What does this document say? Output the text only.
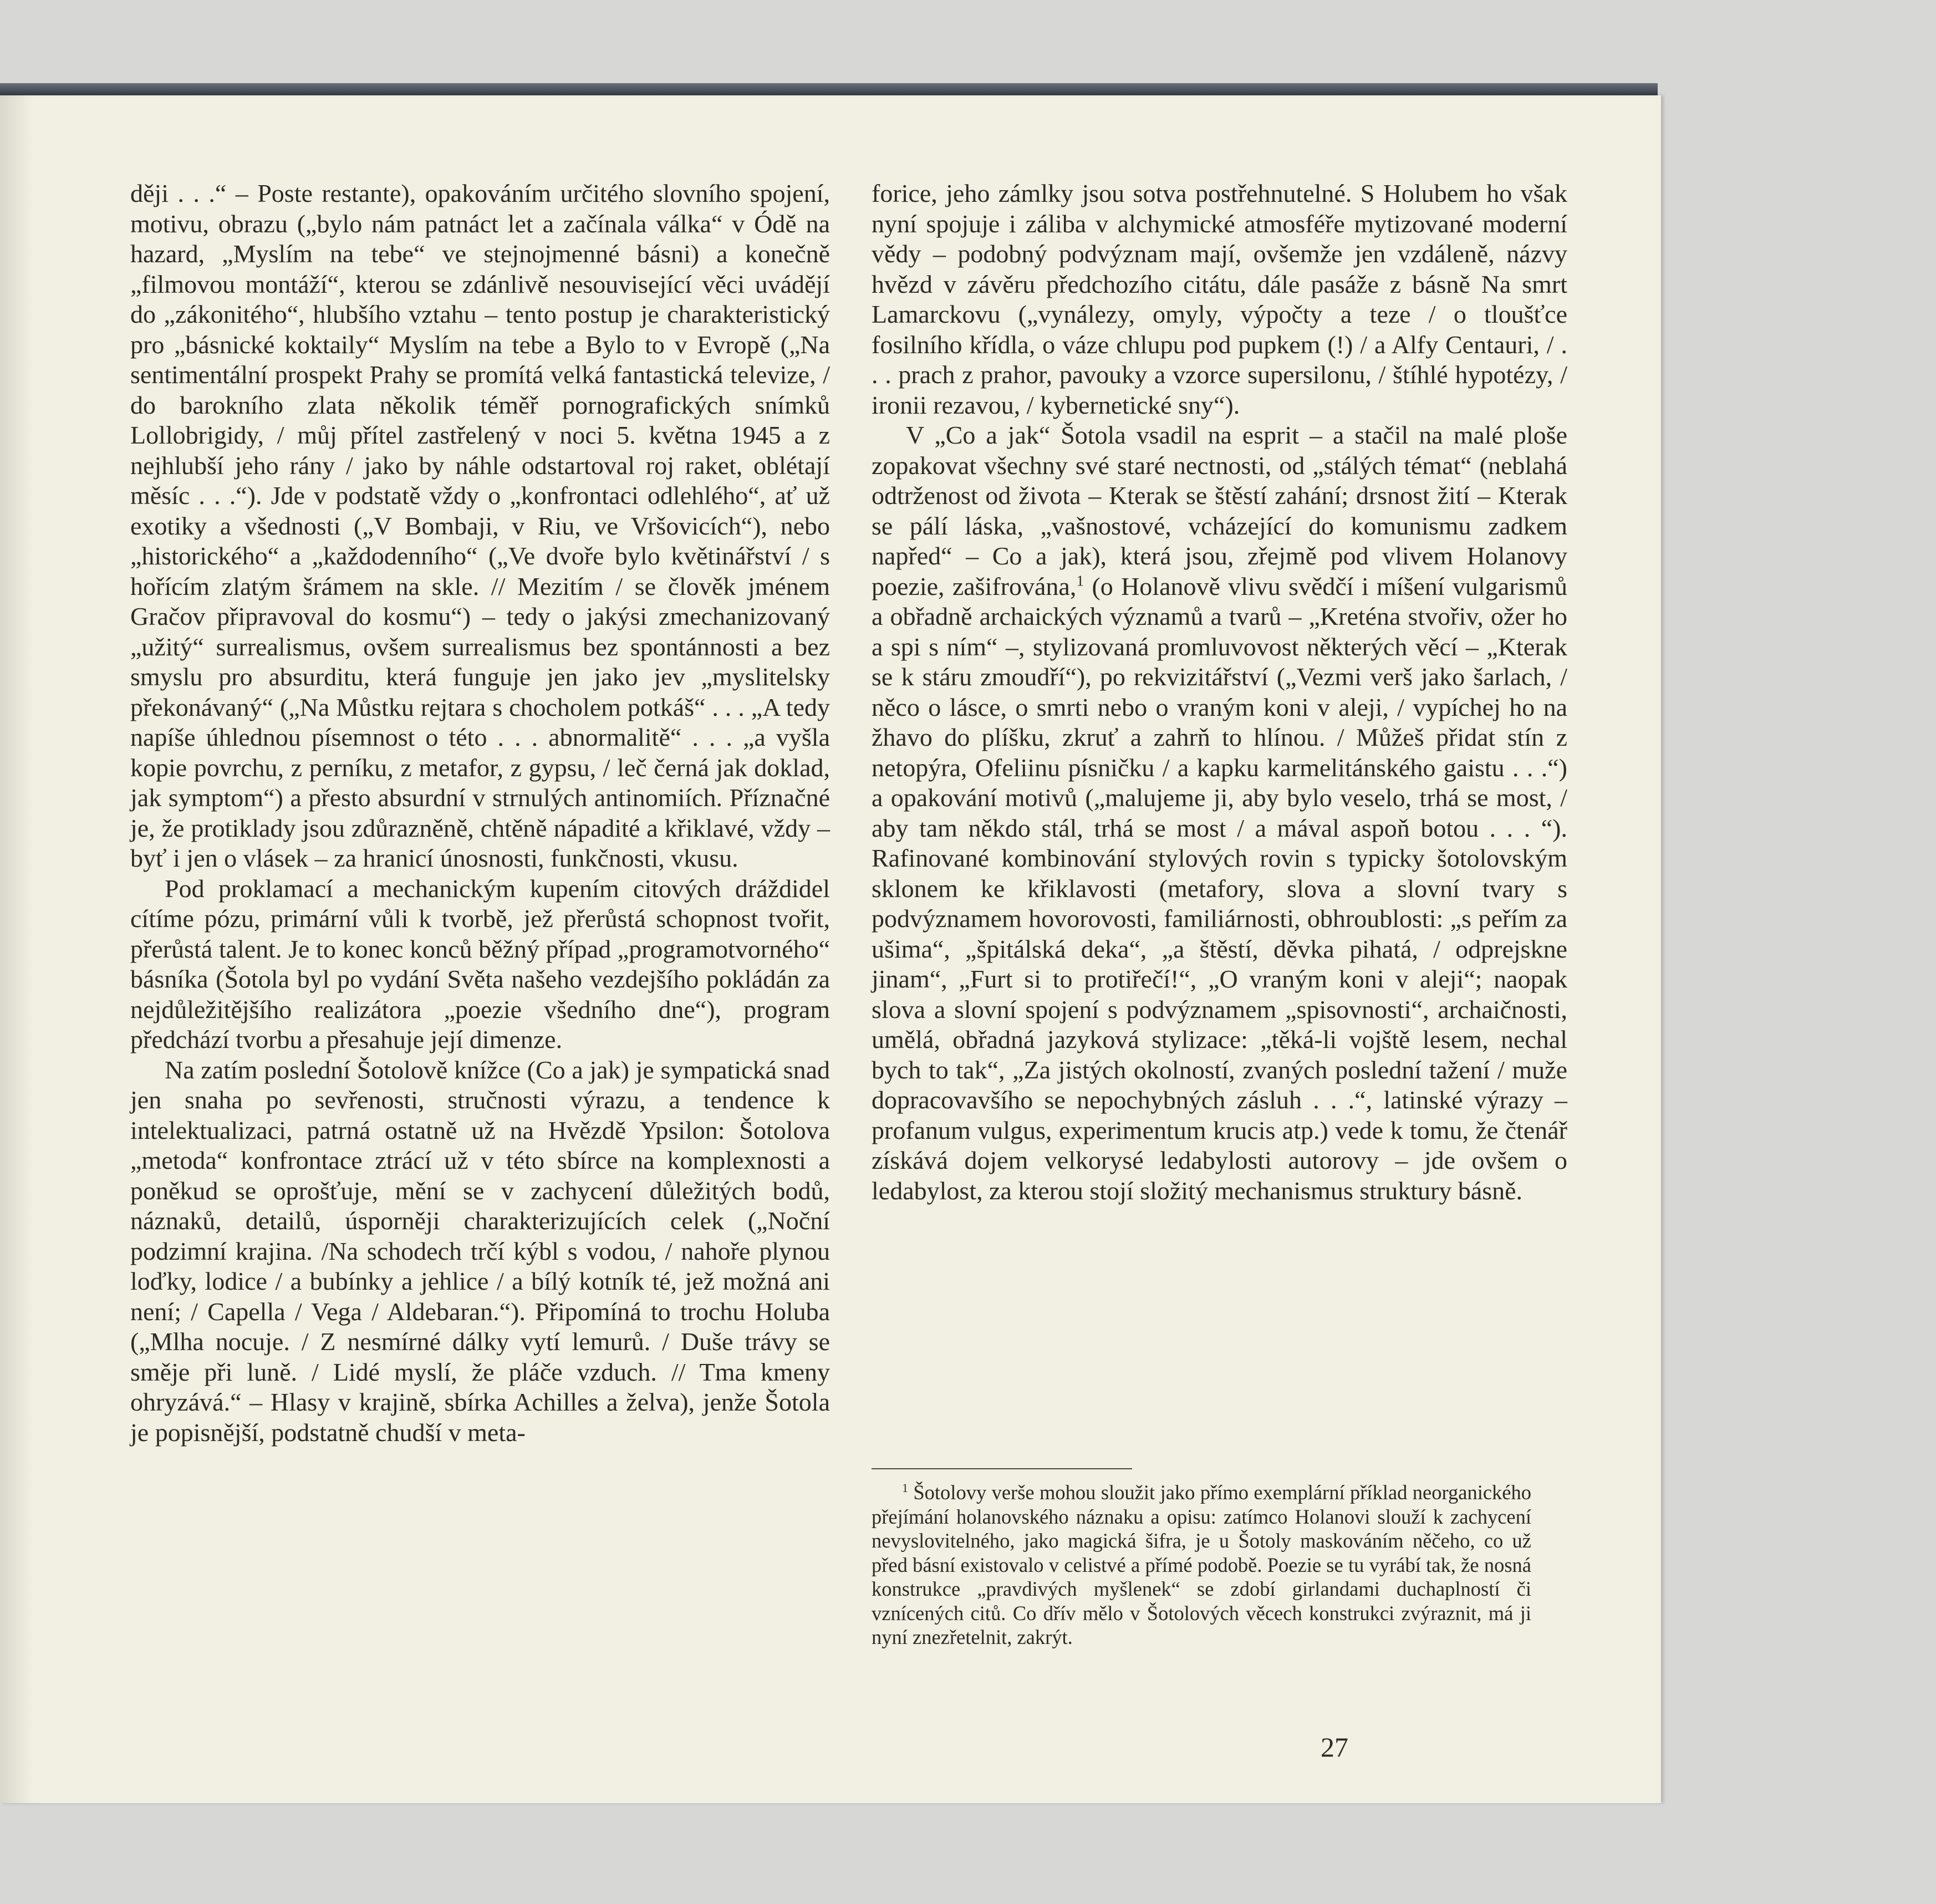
ději . . .“ – Poste restante), opakováním určitého slovního spojení, motivu, obrazu („bylo nám patnáct let a začínala válka“ v Ódě na hazard, „Myslím na tebe“ ve stejnojmenné básni) a konečně „filmovou montáží“, kterou se zdánlivě nesouvisející věci uvádějí do „zákonitého“, hlubšího vztahu – tento postup je charakteristický pro „básnické koktaily“ Myslím na tebe a Bylo to v Evropě („Na sentimentální prospekt Prahy se promítá velká fantastická televize, / do barokního zlata několik téměř pornografických snímků Lollobrigidy, / můj přítel zastřelený v noci 5. května 1945 a z nejhlubší jeho rány / jako by náhle odstartoval roj raket, oblétají měsíc . . .“). Jde v podstatě vždy o „konfrontaci odlehlého“, ať už exotiky a všednosti („V Bombaji, v Riu, ve Vršovicích“), nebo „historického“ a „každodenního“ („Ve dvoře bylo květinářství / s hořícím zlatým šrámem na skle. // Mezitím / se člověk jménem Gračov připravoval do kosmu“) – tedy o jakýsi zmechanizovaný „užitý“ surrealismus, ovšem surrealismus bez spontánnosti a bez smyslu pro absurditu, která funguje jen jako jev „myslitelsky překonávaný“ („Na Můstku rejtara s chocholem potkáš“ . . . „A tedy napíše úhlednou písemnost o této . . . abnormalitě“ . . . „a vyšla kopie povrchu, z perníku, z metafor, z gypsu, / leč černá jak doklad, jak symptom“) a přesto absurdní v strnulých antinomiích. Příznačné je, že protiklady jsou zdůrazněně, chtěně nápadité a křiklavé, vždy – byť i jen o vlásek – za hranicí únosnosti, funkčnosti, vkusu.

Pod proklamací a mechanickým kupením citových dráždidel cítíme pózu, primární vůli k tvorbě, jež přerůstá schopnost tvořit, přerůstá talent. Je to konec konců běžný případ „programotvorného“ básníka (Šotola byl po vydání Světa našeho vezdejšího pokládán za nejdůležitějšího realizátora „poezie všedního dne“), program předchází tvorbu a přesahuje její dimenze.

Na zatím poslední Šotolově knížce (Co a jak) je sympatická snad jen snaha po sevřenosti, stručnosti výrazu, a tendence k intelektualizaci, patrná ostatně už na Hvězdě Ypsilon: Šotolova „metoda“ konfrontace ztrácí už v této sbírce na komplexnosti a poněkud se oprošťuje, mění se v zachycení důležitých bodů, náznaků, detailů, úsporněji charakterizujících celek („Noční podzimní krajina. /Na schodech trčí kýbl s vodou, / nahoře plynou loďky, lodice / a bubínky a jehlice / a bílý kotník té, jež možná ani není; / Capella / Vega / Aldebaran.“). Připomíná to trochu Holuba („Mlha nocuje. / Z nesmírné dálky vytí lemurů. / Duše trávy se směje při luně. / Lidé myslí, že pláče vzduch. // Tma kmeny ohryzává.“ – Hlasy v krajině, sbírka Achilles a želva), jenže Šotola je popisnější, podstatně chudší v meta-

forice, jeho zámlky jsou sotva postřehnutelné. S Holubem ho však nyní spojuje i záliba v alchymické atmosféře mytizované moderní vědy – podobný podvýznam mají, ovšemže jen vzdáleně, názvy hvězd v závěru předchozího citátu, dále pasáže z básně Na smrt Lamarckovu („vynálezy, omyly, výpočty a teze / o tloušťce fosilního křídla, o váze chlupu pod pupkem (!) / a Alfy Centauri, / . . . prach z prahor, pavouky a vzorce supersilonu, / štíhlé hypotézy, / ironii rezavou, / kybernetické sny“).

V „Co a jak“ Šotola vsadil na esprit – a stačil na malé ploše zopakovat všechny své staré nectnosti, od „stálých témat“ (neblahá odtrženost od života – Kterak se štěstí zahání; drsnost žití – Kterak se pálí láska, „vašnostové, vcházející do komunismu zadkem napřed“ – Co a jak), která jsou, zřejmě pod vlivem Holanovy poezie, zašifrována,$^1$ (o Holanově vlivu svědčí i míšení vulgarismů a obřadně archaických významů a tvarů – „Kreténa stvořiv, ožer ho a spi s ním“ –, stylizovaná promluvovost některých věcí – „Kterak se k stáru zmoudří“), po rekvizitářství („Vezmi verš jako šarlach, / něco o lásce, o smrti nebo o vraným koni v aleji, / vypíchej ho na žhavo do plíšku, zkruť a zahrň to hlínou. / Můžeš přidat stín z netopýra, Ofeliinu písničku / a kapku karmelitánského gaistu . . .“) a opakování motivů („malujeme ji, aby bylo veselo, trhá se most, / aby tam někdo stál, trhá se most / a mával aspoň botou . . . “). Rafinované kombinování stylových rovin s typicky šotolovským sklonem ke křiklavosti (metafory, slova a slovní tvary s podvýznamem hovorovosti, familiárnosti, obhroublosti: „s peřím za ušima“, „špitálská deka“, „a štěstí, děvka pihatá, / odprejskne jinam“, „Furt si to protiřečí!“, „O vraným koni v aleji“; naopak slova a slovní spojení s podvýznamem „spisovnosti“, archaičnosti, umělá, obřadná jazyková stylizace: „těká-li vojště lesem, nechal bych to tak“, „Za jistých okolností, zvaných poslední tažení / muže dopracovavšího se nepochybných zásluh . . .“, latinské výrazy – profanum vulgus, experimentum krucis atp.) vede k tomu, že čtenář získává dojem velkorysé ledabylosti autorovy – jde ovšem o ledabylost, za kterou stojí složitý mechanismus struktury básně.

$^1$ Šotolovy verše mohou sloužit jako přímo exemplární příklad neorganického přejímání holanovského náznaku a opisu: zatímco Holanovi slouží k zachycení nevyslovitelného, jako magická šifra, je u Šotoly maskováním něčeho, co už před básní existovalo v celistvé a přímé podobě. Poezie se tu vyrábí tak, že nosná konstrukce „pravdivých myšlenek“ se zdobí girlandami duchaplností či vznícených citů. Co dřív mělo v Šotolových věcech konstrukci zvýraznit, má ji nyní znezřetelnit, zakrýt.

27
